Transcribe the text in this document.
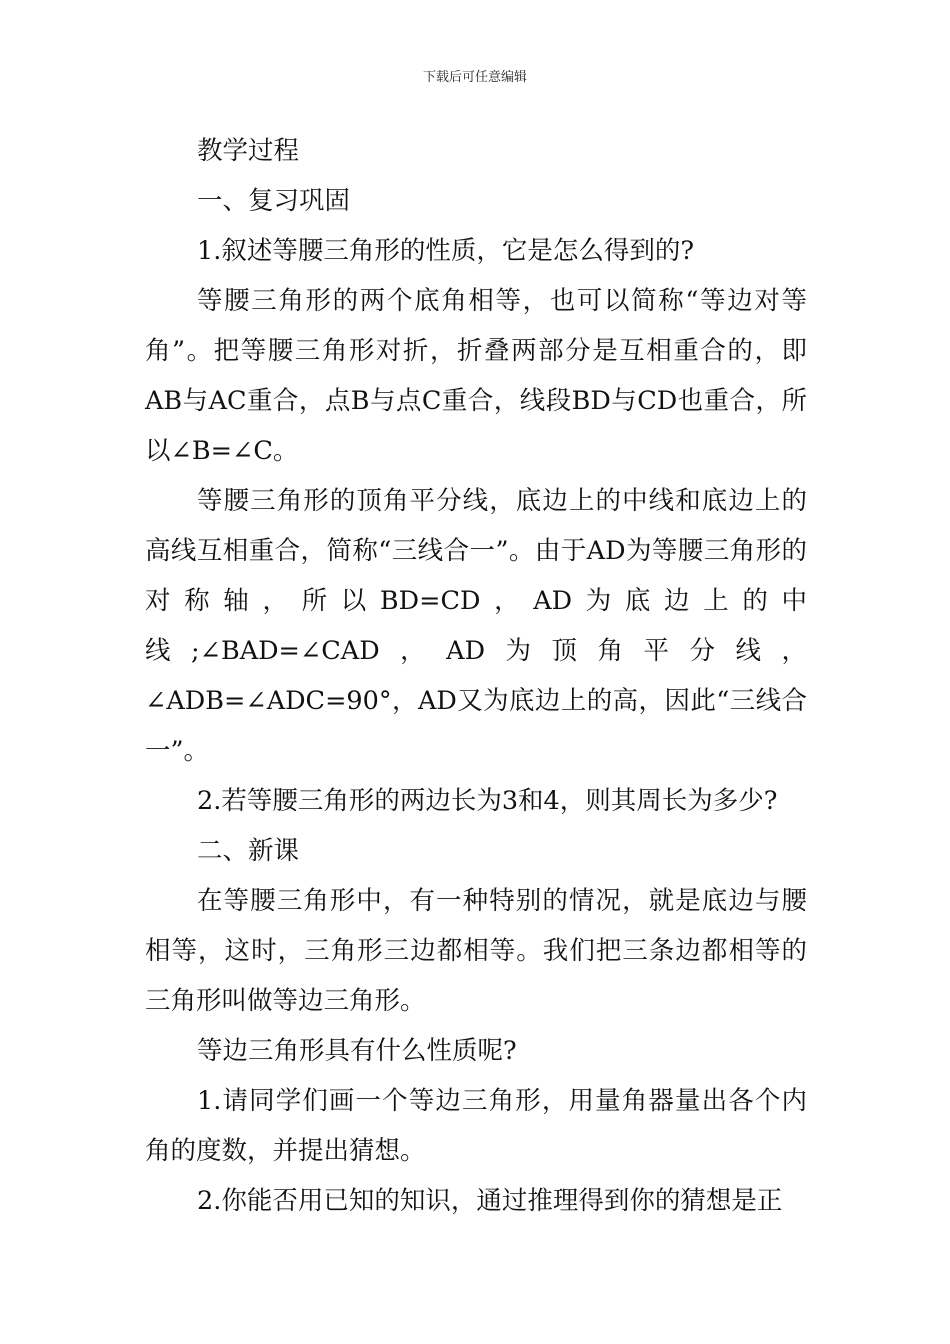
下载后可任意编辑

教学过程

一、复习巩固

1.叙述等腰三角形的性质，它是怎么得到的?

等腰三角形的两个底角相等，也可以简称“等边对等角”。把等腰三角形对折，折叠两部分是互相重合的，即AB与AC重合，点B与点C重合，线段BD与CD也重合，所以∠B=∠C。

等腰三角形的顶角平分线，底边上的中线和底边上的高线互相重合，简称“三线合一”。由于AD为等腰三角形的对称轴，所以BD=CD，AD为底边上的中线;∠BAD=∠CAD，AD为顶角平分线，∠ADB=∠ADC=90°，AD又为底边上的高，因此“三线合一”。

2.若等腰三角形的两边长为3和4，则其周长为多少?

二、新课

在等腰三角形中，有一种特别的情况，就是底边与腰相等，这时，三角形三边都相等。我们把三条边都相等的三角形叫做等边三角形。

等边三角形具有什么性质呢?

1.请同学们画一个等边三角形，用量角器量出各个内角的度数，并提出猜想。

2.你能否用已知的知识，通过推理得到你的猜想是正
